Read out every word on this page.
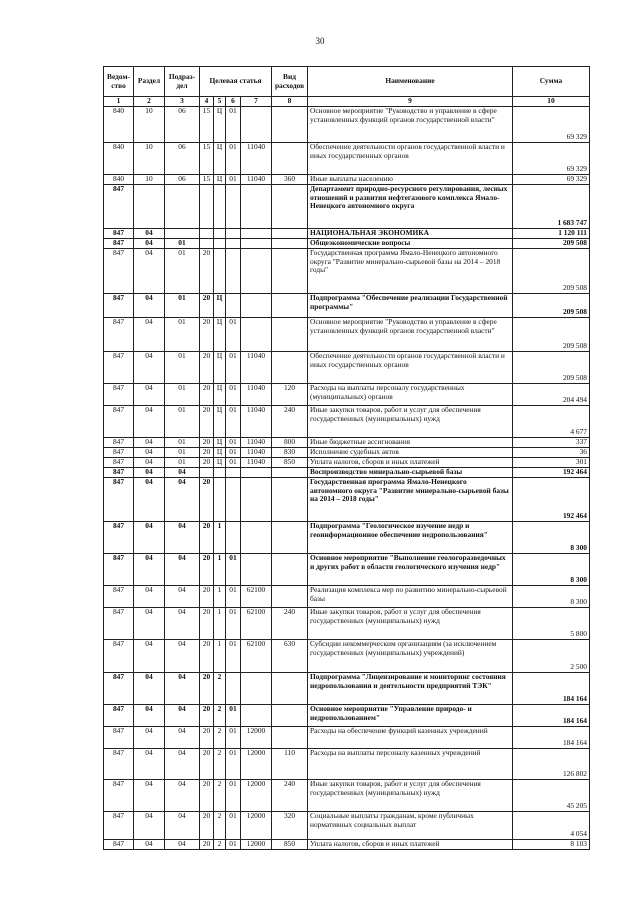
30
Ведом-ство	Раздел	Подраз-дел	Целевая статья				Вид расходов	Наименование	Сумма
1	2	3	4	5	6	7	8	9	10
840	10	06	15	Ц	01			Основное мероприятие "Руководство и управление в сфере установленных функций органов государственной власти"	69 329
840	10	06	15	Ц	01	11040		Обеспечение деятельности органов государственной власти и иных государственных органов	69 329
840	10	06	15	Ц	01	11040	360	Иные выплаты населению	69 329
847								Департамент природно-ресурсного регулирования, лесных отношений и развития нефтегазового комплекса Ямало-Ненецкого автономного округа	1 683 747
847	04							НАЦИОНАЛЬНАЯ ЭКОНОМИКА	1 120 111
847	04	01						Общеэкономические вопросы	209 508
847	04	01	20					Государственная программа Ямало-Ненецкого автономного округа "Развитие минерально-сырьевой базы на 2014 – 2018 годы"	209 508
847	04	01	20	Ц				Подпрограмма "Обеспечение реализации Государственной программы"	209 508
847	04	01	20	Ц	01			Основное мероприятие "Руководство и управление в сфере установленных функций органов государственной власти"	209 508
847	04	01	20	Ц	01	11040		Обеспечение деятельности органов государственной власти и иных государственных органов	209 508
847	04	01	20	Ц	01	11040	120	Расходы на выплаты персоналу государственных (муниципальных) органов	204 494
847	04	01	20	Ц	01	11040	240	Иные закупки товаров, работ и услуг для обеспечения государственных (муниципальных) нужд	4 677
847	04	01	20	Ц	01	11040	800	Иные бюджетные ассигнования	337
847	04	01	20	Ц	01	11040	830	Исполнение судебных актов	36
847	04	01	20	Ц	01	11040	850	Уплата налогов, сборов и иных платежей	301
847	04	04						Воспроизводство минерально-сырьевой базы	192 464
847	04	04	20					Государственная программа Ямало-Ненецкого автономного округа "Развитие минерально-сырьевой базы на 2014 – 2018 годы"	192 464
847	04	04	20	1				Подпрограмма "Геологическое изучение недр и геоинформационное обеспечение недропользования"	8 300
847	04	04	20	1	01			Основное мероприятие "Выполнение геологоразведочных и других работ в области геологического изучения недр"	8 300
847	04	04	20	1	01	62100		Реализация комплекса мер по развитию минерально-сырьевой базы	8 300
847	04	04	20	1	01	62100	240	Иные закупки товаров, работ и услуг для обеспечения государственных (муниципальных) нужд	5 800
847	04	04	20	1	01	62100	630	Субсидии некоммерческим организациям (за исключением государственных (муниципальных) учреждений)	2 500
847	04	04	20	2				Подпрограмма "Лицензирование и мониторинг состояния недропользования и деятельности предприятий ТЭК"	184 164
847	04	04	20	2	01			Основное мероприятие "Управление природо- и недропользованием"	184 164
847	04	04	20	2	01	12000		Расходы на обеспечение функций казенных учреждений	184 164
847	04	04	20	2	01	12000	110	Расходы на выплаты персоналу казенных учреждений	126 802
847	04	04	20	2	01	12000	240	Иные закупки товаров, работ и услуг для обеспечения государственных (муниципальных) нужд	45 205
847	04	04	20	2	01	12000	320	Социальные выплаты гражданам, кроме публичных нормативных социальных выплат	4 054
847	04	04	20	2	01	12000	850	Уплата налогов, сборов и иных платежей	8 103
